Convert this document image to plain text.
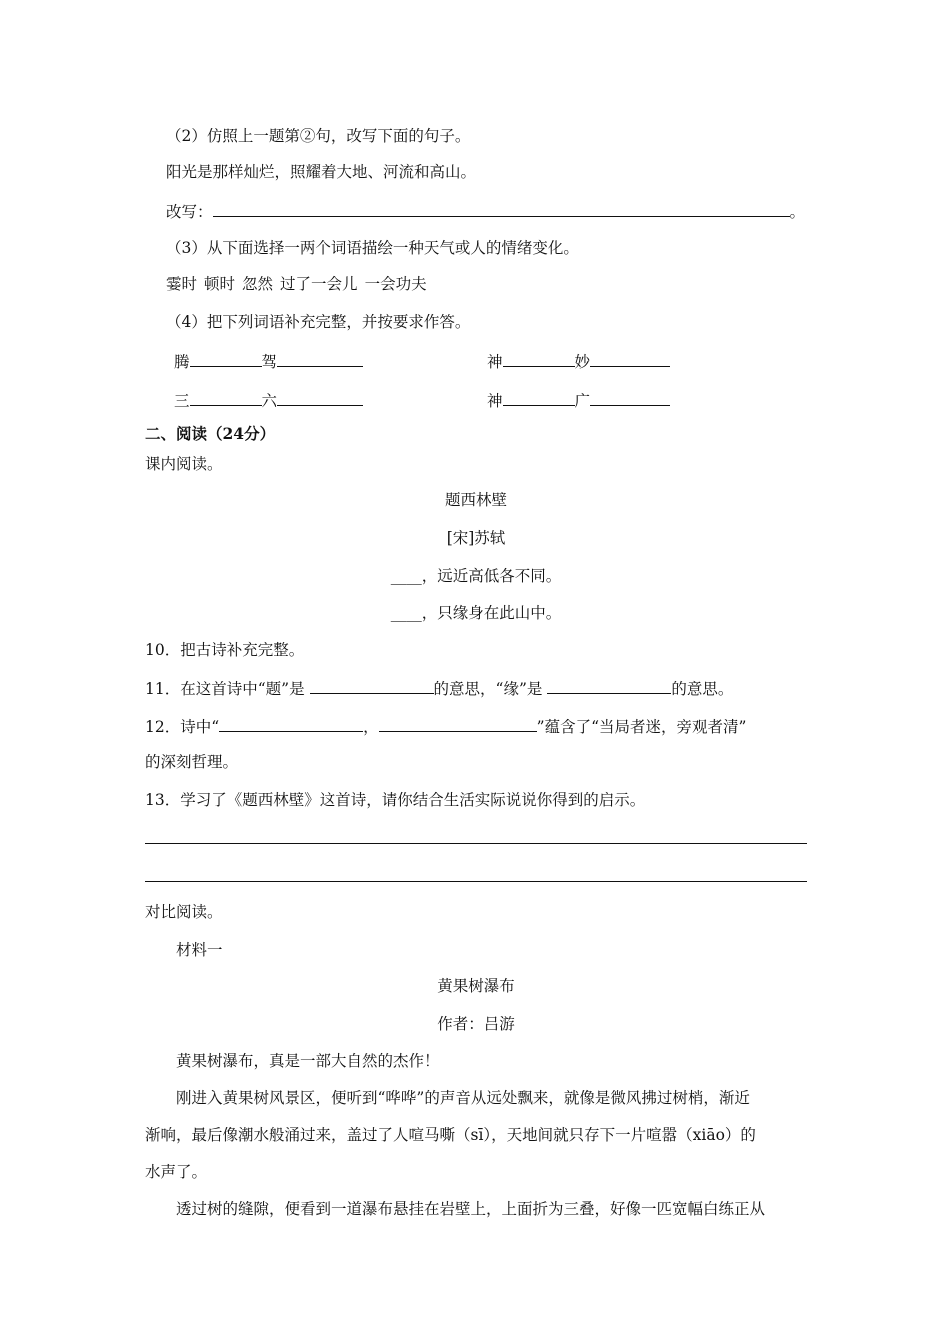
（2）仿照上一题第②句，改写下面的句子。
阳光是那样灿烂，照耀着大地、河流和高山。
改写：	。
（3）从下面选择一两个词语描绘一种天气或人的情绪变化。
霎时 顿时 忽然 过了一会儿 一会功夫
（4）把下列词语补充完整，并按要求作答。
腾	驾	神	妙
三	六	神	广
二、阅读（24分）
课内阅读。
题西林壁
[宋]苏轼
____，远近高低各不同。
____，只缘身在此山中。
10．把古诗补充完整。
11．在这首诗中“题”是	的意思，“缘”是	的意思。
12．诗中“	，	”蕴含了“当局者迷，旁观者清”
的深刻哲理。
13．学习了《题西林壁》这首诗，请你结合生活实际说说你得到的启示。
对比阅读。
材料一
黄果树瀑布
作者：吕游
黄果树瀑布，真是一部大自然的杰作！
刚进入黄果树风景区，便听到“哗哗”的声音从远处飘来，就像是微风拂过树梢，渐近
渐响，最后像潮水般涌过来，盖过了人喧马嘶（sī），天地间就只存下一片喧嚣（xiāo）的
水声了。
透过树的缝隙，便看到一道瀑布悬挂在岩壁上，上面折为三叠，好像一匹宽幅白练正从
